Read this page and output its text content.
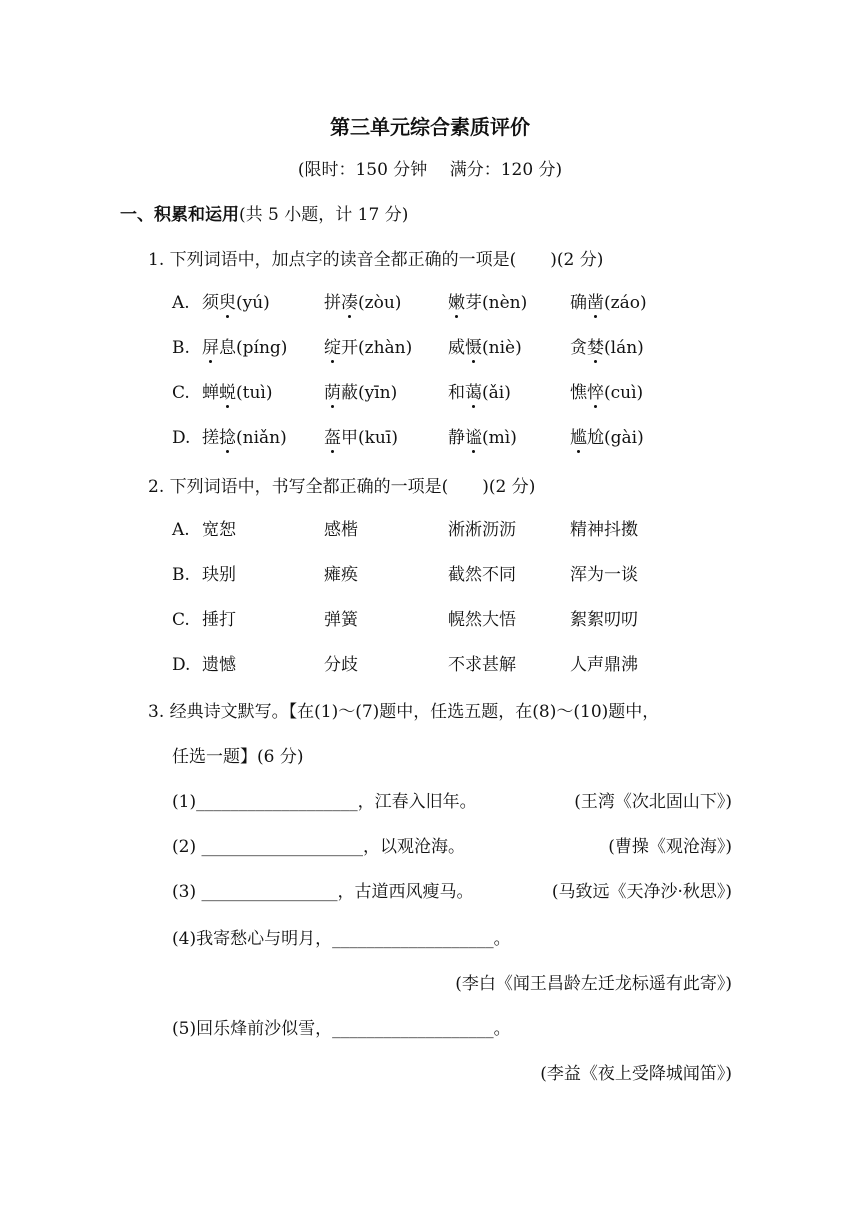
第三单元综合素质评价
(限时：150 分钟　 满分：120 分)
一、积累和运用(共 5 小题，计 17 分)
1. 下列词语中，加点字的读音全都正确的一项是(　　)(2 分)
A. 须臾(yú)	拼凑(zòu)	嫩芽(nèn)	确凿(záo)
B. 屏息(píng) 绽开(zhàn) 威慑(niè)	贪婪(lán)
C. 蝉蜕(tuì)	荫蔽(yīn)	和蔼(ǎi)	憔悴(cuì)
D. 搓捻(niǎn) 盔甲(kuī)	静谧(mì)	尴尬(gài)
2. 下列词语中，书写全都正确的一项是(　　)(2 分)
A. 宽恕	感楷	淅淅沥沥	精神抖擞
B. 玦别	瘫痪	截然不同	浑为一谈
C. 捶打	弹簧	幌然大悟	絮絮叨叨
D. 遗憾	分歧	不求甚解	人声鼎沸
3. 经典诗文默写。【在(1)～(7)题中，任选五题，在(8)～(10)题中，
任选一题】(6 分)
(1)___________________，江春入旧年。	(王湾《次北固山下》)
(2) ___________________，以观沧海。	(曹操《观沧海》)
(3) ________________，古道西风瘦马。	(马致远《天净沙·秋思》)
(4)我寄愁心与明月，___________________。
(李白《闻王昌龄左迁龙标遥有此寄》)
(5)回乐烽前沙似雪，___________________。
(李益《夜上受降城闻笛》)
